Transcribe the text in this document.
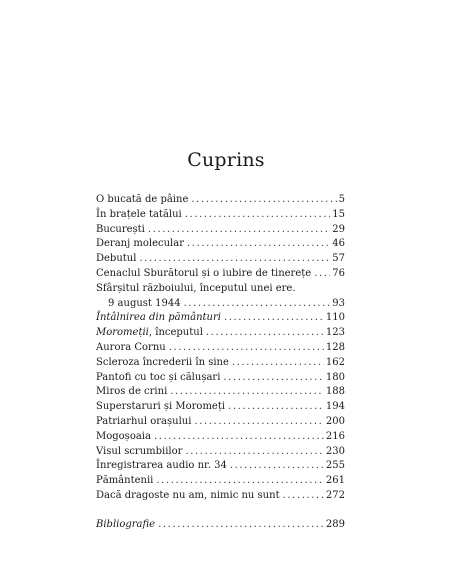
Cuprins
O bucată de pâine .....	5
În brațele tatălui .....	15
București .....	29
Deranj molecular .....	46
Debutul .....	57
Cenaclul Sburătorul și o iubire de tinerețe ..... 76
Sfârșitul războiului, începutul unei ere.
9 august 1944 .....	93
Întâlnirea din pământuri .....	110
Moromeții, începutul .....	123
Aurora Cornu .....	128
Scleroza încrederii în sine .....	162
Pantofi cu toc și călușari .....	180
Miros de crini .....	188
Superstaruri și Moromeți .....	194
Patriarhul orașului .....	200
Mogoșoaia .....	216
Visul scrumbiilor .....	230
Înregistrarea audio nr. 34 .....	255
Pământenii .....	261
Dacă dragoste nu am, nimic nu sunt .....	272
Bibliografie .....	289
